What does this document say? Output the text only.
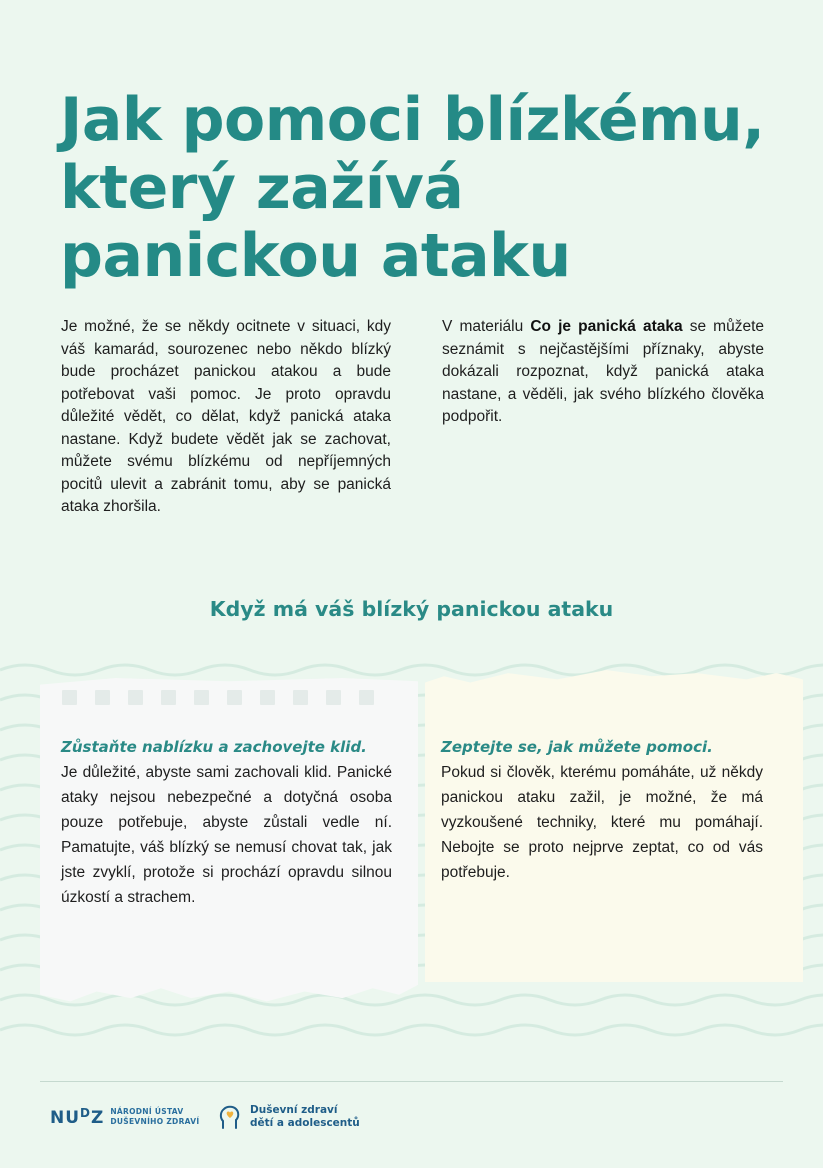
Jak pomoci blízkému, který zažívá panickou ataku

Je možné, že se někdy ocitnete v situaci, kdy váš kamarád, sourozenec nebo někdo blízký bude procházet panickou atakou a bude potřebovat vaši pomoc. Je proto opravdu důležité vědět, co dělat, když panická ataka nastane. Když budete vědět jak se zachovat, můžete svému blízkému od nepříjemných pocitů ulevit a zabránit tomu, aby se panická ataka zhoršila.

V materiálu Co je panická ataka se můžete seznámit s nejčastějšími příznaky, abyste dokázali rozpoznat, když panická ataka nastane, a věděli, jak svého blízkého člověka podpořit.

Když má váš blízký panickou ataku

Zůstaňte nablízku a zachovejte klid.

Je důležité, abyste sami zachovali klid. Panické ataky nejsou nebezpečné a dotyčná osoba pouze potřebuje, abyste zůstali vedle ní. Pamatujte, váš blízký se nemusí chovat tak, jak jste zvyklí, protože si prochází opravdu silnou úzkostí a strachem.

Zeptejte se, jak můžete pomoci.

Pokud si člověk, kterému pomáháte, už někdy panickou ataku zažil, je možné, že má vyzkoušené techniky, které mu pomáhají. Nebojte se proto nejprve zeptat, co od vás potřebuje.

$NU^DZ$ NÁRODNÍ ÚSTAV
DUŠEVNÍHO ZDRAVÍ
Duševní zdraví
dětí a adolescentů
